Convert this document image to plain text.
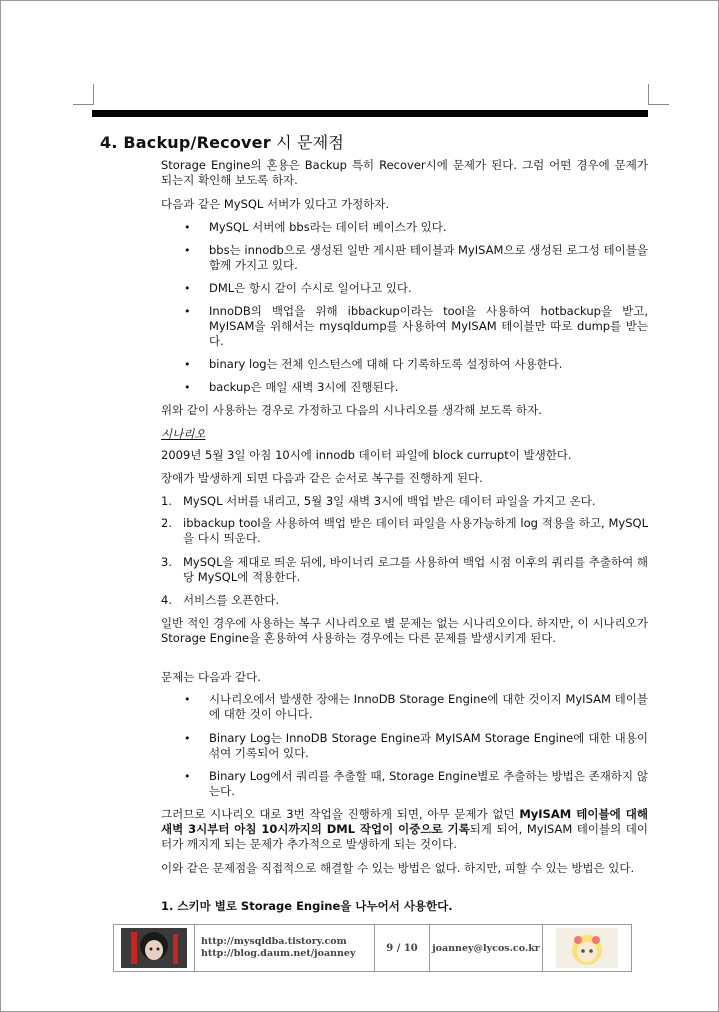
4. Backup/Recover 시 문제점
Storage Engine의 혼용은 Backup 특히 Recover시에 문제가 된다. 그럼 어떤 경우에 문제가 되는지 확인해 보도록 하자.
다음과 같은 MySQL 서버가 있다고 가정하자.
• MySQL 서버에 bbs라는 데이터 베이스가 있다.
• bbs는 innodb으로 생성된 일반 게시판 테이블과 MyISAM으로 생성된 로그성 테이블을 함께 가지고 있다.
• DML은 항시 같이 수시로 일어나고 있다.
• InnoDB의 백업을 위해 ibbackup이라는 tool을 사용하여 hotbackup을 받고, MyISAM을 위해서는 mysqldump를 사용하여 MyISAM 테이블만 따로 dump를 받는다.
• binary log는 전체 인스턴스에 대해 다 기록하도록 설정하여 사용한다.
• backup은 매일 새벽 3시에 진행된다.
위와 같이 사용하는 경우로 가정하고 다음의 시나리오를 생각해 보도록 하자.
시나리오
2009년 5월 3일 아침 10시에 innodb 데이터 파일에 block currupt이 발생한다.
장애가 발생하게 되면 다음과 같은 순서로 복구를 진행하게 된다.
1. MySQL 서버를 내리고, 5월 3일 새벽 3시에 백업 받은 데이터 파일을 가지고 온다.
2. ibbackup tool을 사용하여 백업 받은 데이터 파일을 사용가능하게 log 적용을 하고, MySQL을 다시 띄운다.
3. MySQL을 제대로 띄운 뒤에, 바이너리 로그를 사용하여 백업 시점 이후의 쿼리를 추출하여 해당 MySQL에 적용한다.
4. 서비스를 오픈한다.
일반 적인 경우에 사용하는 복구 시나리오로 별 문제는 없는 시나리오이다. 하지만, 이 시나리오가 Storage Engine을 혼용하여 사용하는 경우에는 다른 문제를 발생시키게 된다.
문제는 다음과 같다.
• 시나리오에서 발생한 장애는 InnoDB Storage Engine에 대한 것이지 MyISAM 테이블에 대한 것이 아니다.
• Binary Log는 InnoDB Storage Engine과 MyISAM Storage Engine에 대한 내용이 섞여 기록되어 있다.
• Binary Log에서 쿼리를 추출할 때, Storage Engine별로 추출하는 방법은 존재하지 않는다.
그러므로 시나리오 대로 3번 작업을 진행하게 되면, 아무 문제가 없던 MyISAM 테이블에 대해 새벽 3시부터 아침 10시까지의 DML 작업이 이중으로 기록되게 되어, MyISAM 테이블의 데이터가 깨지게 되는 문제가 추가적으로 발생하게 되는 것이다.
이와 같은 문제점을 직접적으로 해결할 수 있는 방법은 없다. 하지만, 피할 수 있는 방법은 있다.
1. 스키마 별로 Storage Engine을 나누어서 사용한다.
http://mysqldba.tistory.com
http://blog.daum.net/joanney	9 / 10	joanney@lycos.co.kr
